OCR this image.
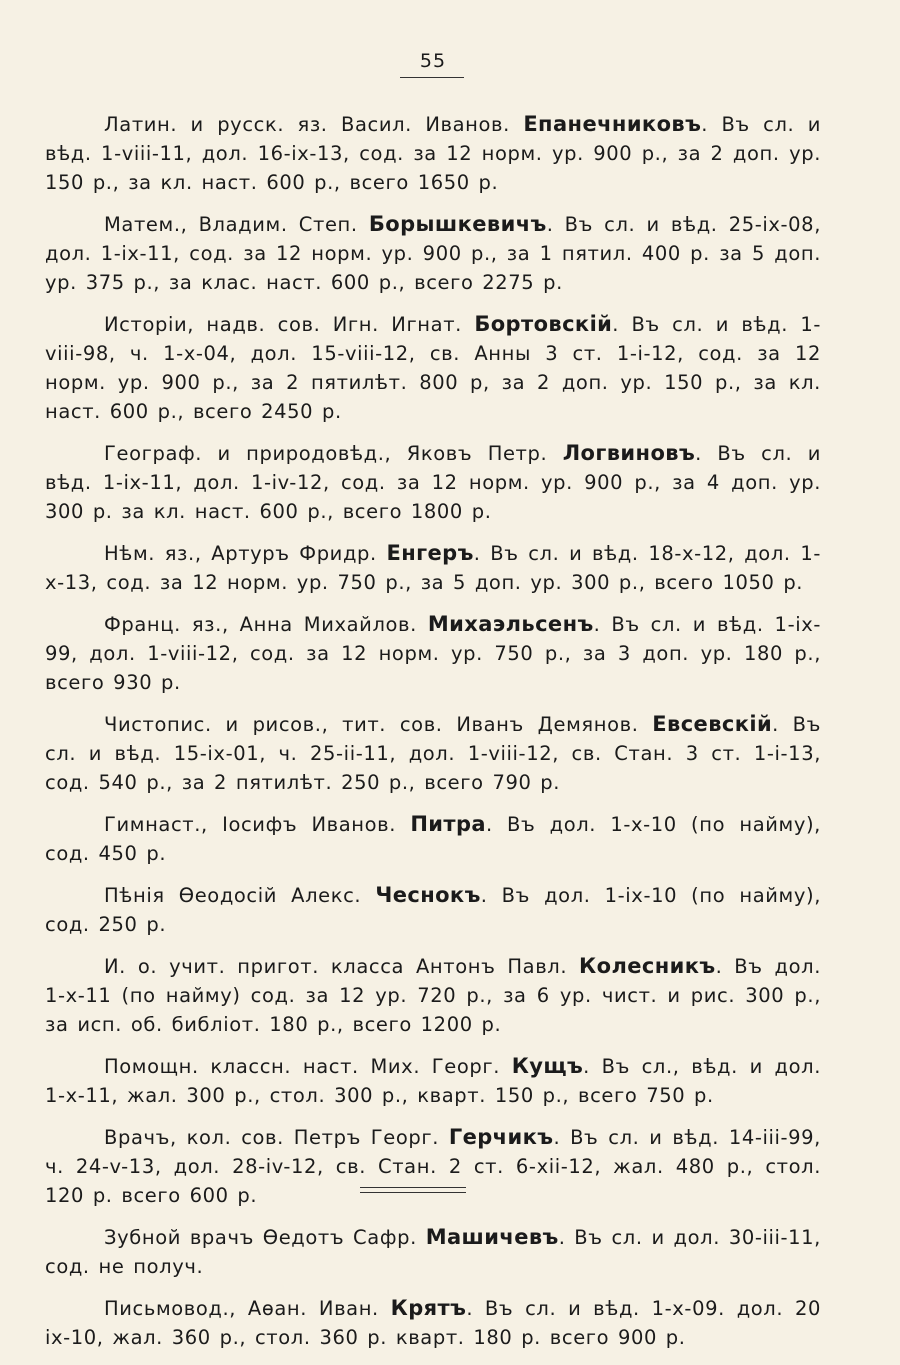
55

Латин. и русск. яз. Васил. Иванов. Епанечниковъ. Въ сл. и вѣд. 1-viii-11, дол. 16-ix-13, сод. за 12 норм. ур. 900 р., за 2 доп. ур. 150 р., за кл. наст. 600 р., всего 1650 р.

Матем., Владим. Степ. Борышкевичъ. Въ сл. и вѣд. 25-ix-08, дол. 1-ix-11, сод. за 12 норм. ур. 900 р., за 1 пятил. 400 р. за 5 доп. ур. 375 р., за клас. наст. 600 р., всего 2275 р.

Исторіи, надв. сов. Игн. Игнат. Бортовскій. Въ сл. и вѣд. 1-viii-98, ч. 1-x-04, дол. 15-viii-12, св. Анны 3 ст. 1-i-12, сод. за 12 норм. ур. 900 р., за 2 пятилѣт. 800 р, за 2 доп. ур. 150 р., за кл. наст. 600 р., всего 2450 р.

Географ. и природовѣд., Яковъ Петр. Логвиновъ. Въ сл. и вѣд. 1-ix-11, дол. 1-iv-12, сод. за 12 норм. ур. 900 р., за 4 доп. ур. 300 р. за кл. наст. 600 р., всего 1800 р.

Нѣм. яз., Артуръ Фридр. Енгеръ. Въ сл. и вѣд. 18-x-12, дол. 1-x-13, сод. за 12 норм. ур. 750 р., за 5 доп. ур. 300 р., всего 1050 р.

Франц. яз., Анна Михайлов. Михаэльсенъ. Въ сл. и вѣд. 1-ix-99, дол. 1-viii-12, сод. за 12 норм. ур. 750 р., за 3 доп. ур. 180 р., всего 930 р.

Чистопис. и рисов., тит. сов. Иванъ Демянов. Евсевскій. Въ сл. и вѣд. 15-ix-01, ч. 25-ii-11, дол. 1-viii-12, св. Стан. 3 ст. 1-i-13, сод. 540 р., за 2 пятилѣт. 250 р., всего 790 р.

Гимнаст., Іосифъ Иванов. Питра. Въ дол. 1-x-10 (по найму), сод. 450 р.

Пѣнія Ѳеодосій Алекс. Чеснокъ. Въ дол. 1-ix-10 (по найму), сод. 250 р.

И. о. учит. пригот. класса Антонъ Павл. Колесникъ. Въ дол. 1-x-11 (по найму) сод. за 12 ур. 720 р., за 6 ур. чист. и рис. 300 р., за исп. об. библіот. 180 р., всего 1200 р.

Помощн. классн. наст. Мих. Георг. Кущъ. Въ сл., вѣд. и дол. 1-x-11, жал. 300 р., стол. 300 р., кварт. 150 р., всего 750 р.

Врачъ, кол. сов. Петръ Георг. Герчикъ. Въ сл. и вѣд. 14-iii-99, ч. 24-v-13, дол. 28-iv-12, св. Стан. 2 ст. 6-xii-12, жал. 480 р., стол. 120 р. всего 600 р.

Зубной врачъ Ѳедотъ Сафр. Машичевъ. Въ сл. и дол. 30-iii-11, сод. не получ.

Письмовод., Аѳан. Иван. Крятъ. Въ сл. и вѣд. 1-x-09. дол. 20 ix-10, жал. 360 р., стол. 360 р. кварт. 180 р. всего 900 р.
